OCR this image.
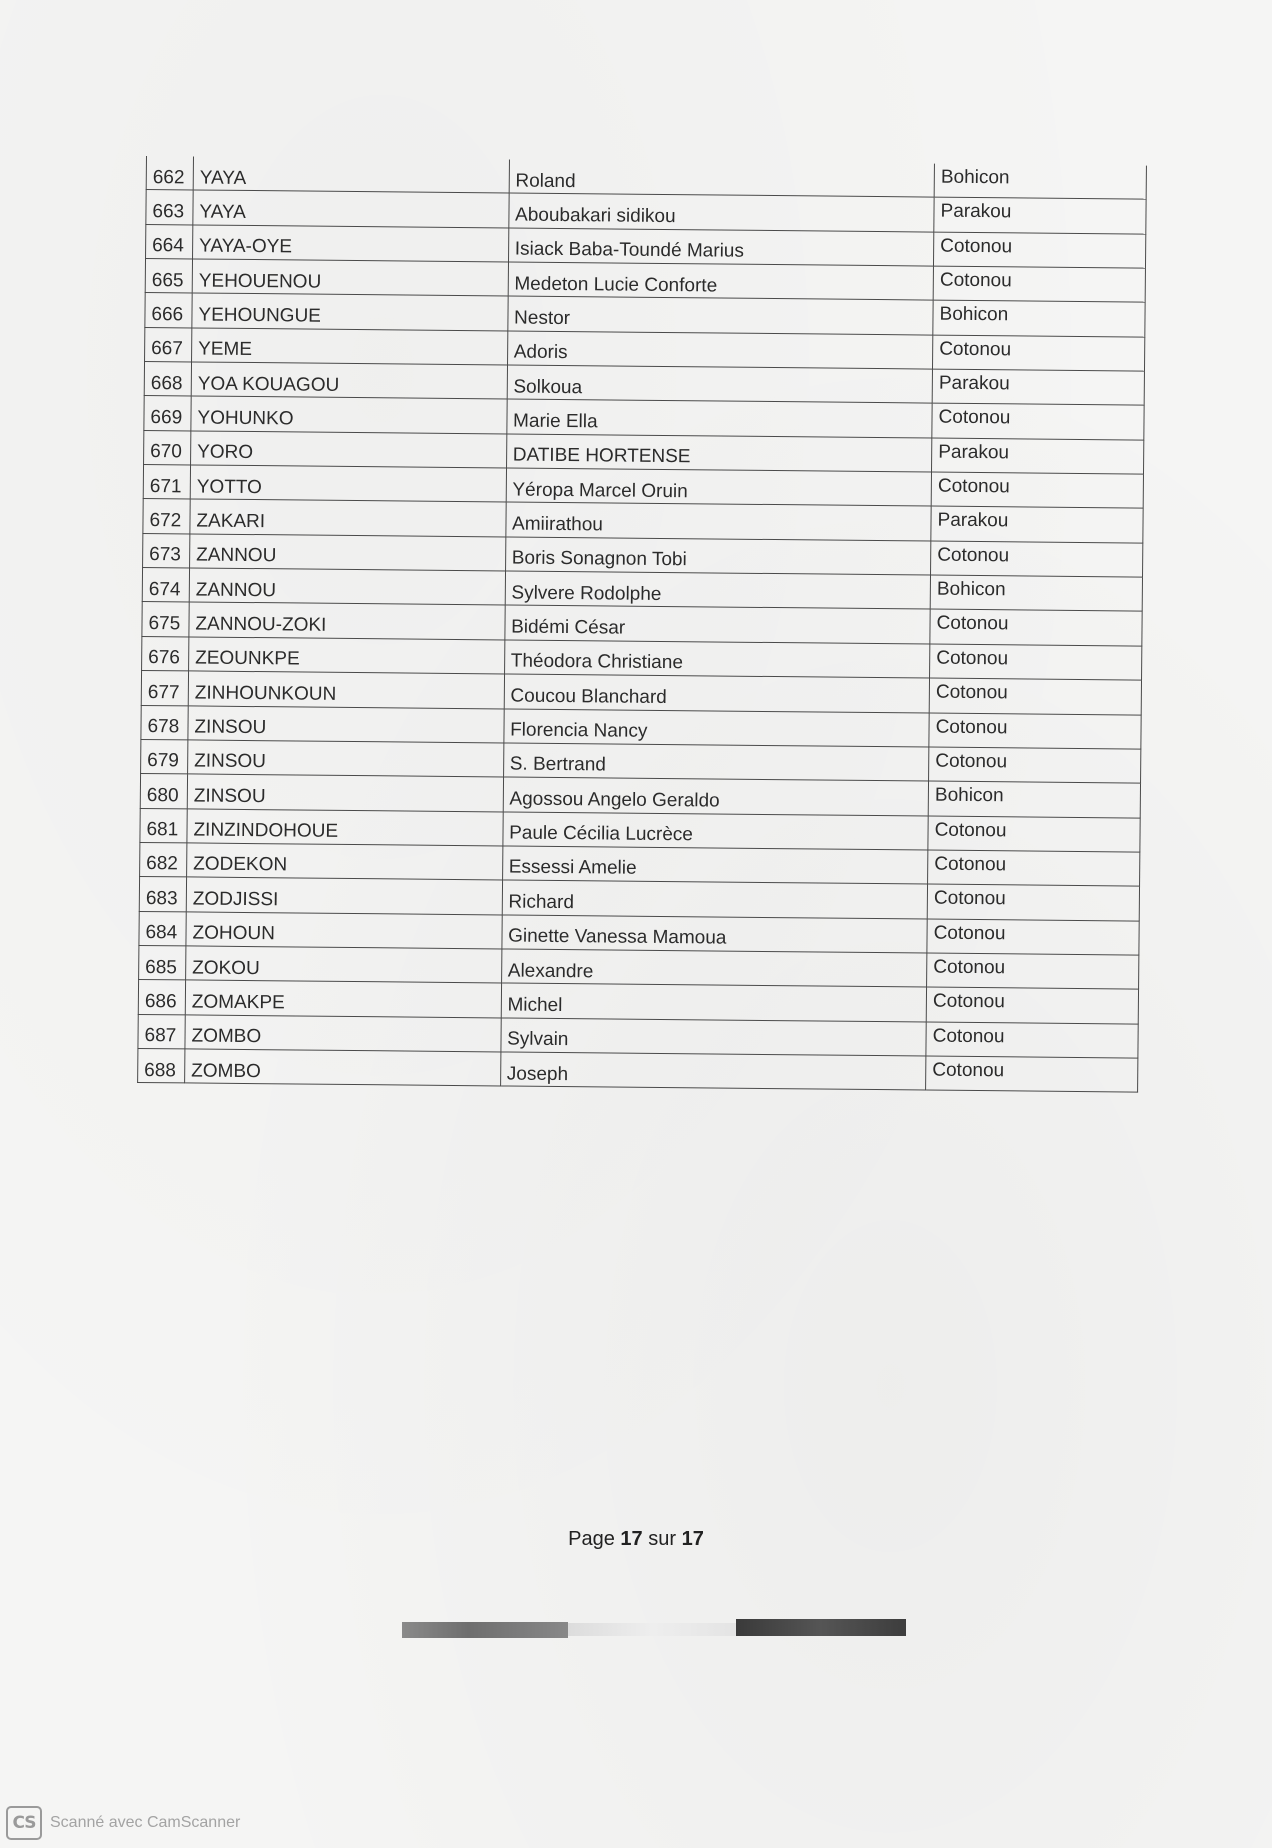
662	YAYA	Roland	Bohicon
663	YAYA	Aboubakari sidikou	Parakou
664	YAYA-OYE	Isiack Baba-Toundé Marius	Cotonou
665	YEHOUENOU	Medeton Lucie Conforte	Cotonou
666	YEHOUNGUE	Nestor	Bohicon
667	YEME	Adoris	Cotonou
668	YOA KOUAGOU	Solkoua	Parakou
669	YOHUNKO	Marie Ella	Cotonou
670	YORO	DATIBE HORTENSE	Parakou
671	YOTTO	Yéropa Marcel Oruin	Cotonou
672	ZAKARI	Amiirathou	Parakou
673	ZANNOU	Boris Sonagnon Tobi	Cotonou
674	ZANNOU	Sylvere Rodolphe	Bohicon
675	ZANNOU-ZOKI	Bidémi César	Cotonou
676	ZEOUNKPE	Théodora Christiane	Cotonou
677	ZINHOUNKOUN	Coucou Blanchard	Cotonou
678	ZINSOU	Florencia Nancy	Cotonou
679	ZINSOU	S. Bertrand	Cotonou
680	ZINSOU	Agossou Angelo Geraldo	Bohicon
681	ZINZINDOHOUE	Paule Cécilia Lucrèce	Cotonou
682	ZODEKON	Essessi Amelie	Cotonou
683	ZODJISSI	Richard	Cotonou
684	ZOHOUN	Ginette Vanessa Mamoua	Cotonou
685	ZOKOU	Alexandre	Cotonou
686	ZOMAKPE	Michel	Cotonou
687	ZOMBO	Sylvain	Cotonou
688	ZOMBO	Joseph	Cotonou
Page 17 sur 17
CS Scanné avec CamScanner
